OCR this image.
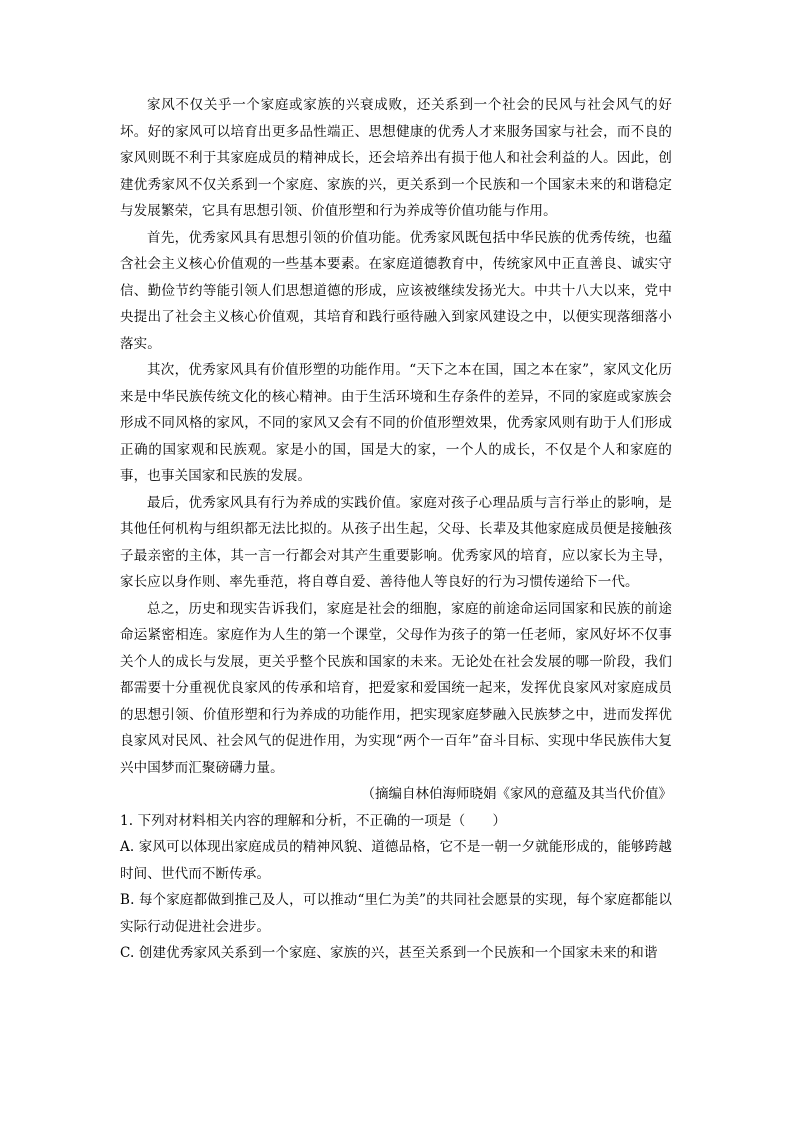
家风不仅关乎一个家庭或家族的兴衰成败，还关系到一个社会的民风与社会风气的好坏。好的家风可以培育出更多品性端正、思想健康的优秀人才来服务国家与社会，而不良的家风则既不利于其家庭成员的精神成长，还会培养出有损于他人和社会利益的人。因此，创建优秀家风不仅关系到一个家庭、家族的兴，更关系到一个民族和一个国家未来的和谐稳定与发展繁荣，它具有思想引领、价值形塑和行为养成等价值功能与作用。

首先，优秀家风具有思想引领的价值功能。优秀家风既包括中华民族的优秀传统，也蕴含社会主义核心价值观的一些基本要素。在家庭道德教育中，传统家风中正直善良、诚实守信、勤俭节约等能引领人们思想道德的形成，应该被继续发扬光大。中共十八大以来，党中央提出了社会主义核心价值观，其培育和践行亟待融入到家风建设之中，以便实现落细落小落实。

其次，优秀家风具有价值形塑的功能作用。“天下之本在国，国之本在家”，家风文化历来是中华民族传统文化的核心精神。由于生活环境和生存条件的差异，不同的家庭或家族会形成不同风格的家风，不同的家风又会有不同的价值形塑效果，优秀家风则有助于人们形成正确的国家观和民族观。家是小的国，国是大的家，一个人的成长，不仅是个人和家庭的事，也事关国家和民族的发展。

最后，优秀家风具有行为养成的实践价值。家庭对孩子心理品质与言行举止的影响，是其他任何机构与组织都无法比拟的。从孩子出生起，父母、长辈及其他家庭成员便是接触孩子最亲密的主体，其一言一行都会对其产生重要影响。优秀家风的培育，应以家长为主导，家长应以身作则、率先垂范，将自尊自爱、善待他人等良好的行为习惯传递给下一代。

总之，历史和现实告诉我们，家庭是社会的细胞，家庭的前途命运同国家和民族的前途命运紧密相连。家庭作为人生的第一个课堂，父母作为孩子的第一任老师，家风好坏不仅事关个人的成长与发展，更关乎整个民族和国家的未来。无论处在社会发展的哪一阶段，我们都需要十分重视优良家风的传承和培育，把爱家和爱国统一起来，发挥优良家风对家庭成员的思想引领、价值形塑和行为养成的功能作用，把实现家庭梦融入民族梦之中，进而发挥优良家风对民风、社会风气的促进作用，为实现“两个一百年”奋斗目标、实现中华民族伟大复兴中国梦而汇聚磅礴力量。

（摘编自林伯海师晓娟《家风的意蕴及其当代价值》

1. 下列对材料相关内容的理解和分析，不正确的一项是（　　）

A. 家风可以体现出家庭成员的精神风貌、道德品格，它不是一朝一夕就能形成的，能够跨越时间、世代而不断传承。

B. 每个家庭都做到推己及人，可以推动“里仁为美”的共同社会愿景的实现，每个家庭都能以实际行动促进社会进步。

C. 创建优秀家风关系到一个家庭、家族的兴，甚至关系到一个民族和一个国家未来的和谐
